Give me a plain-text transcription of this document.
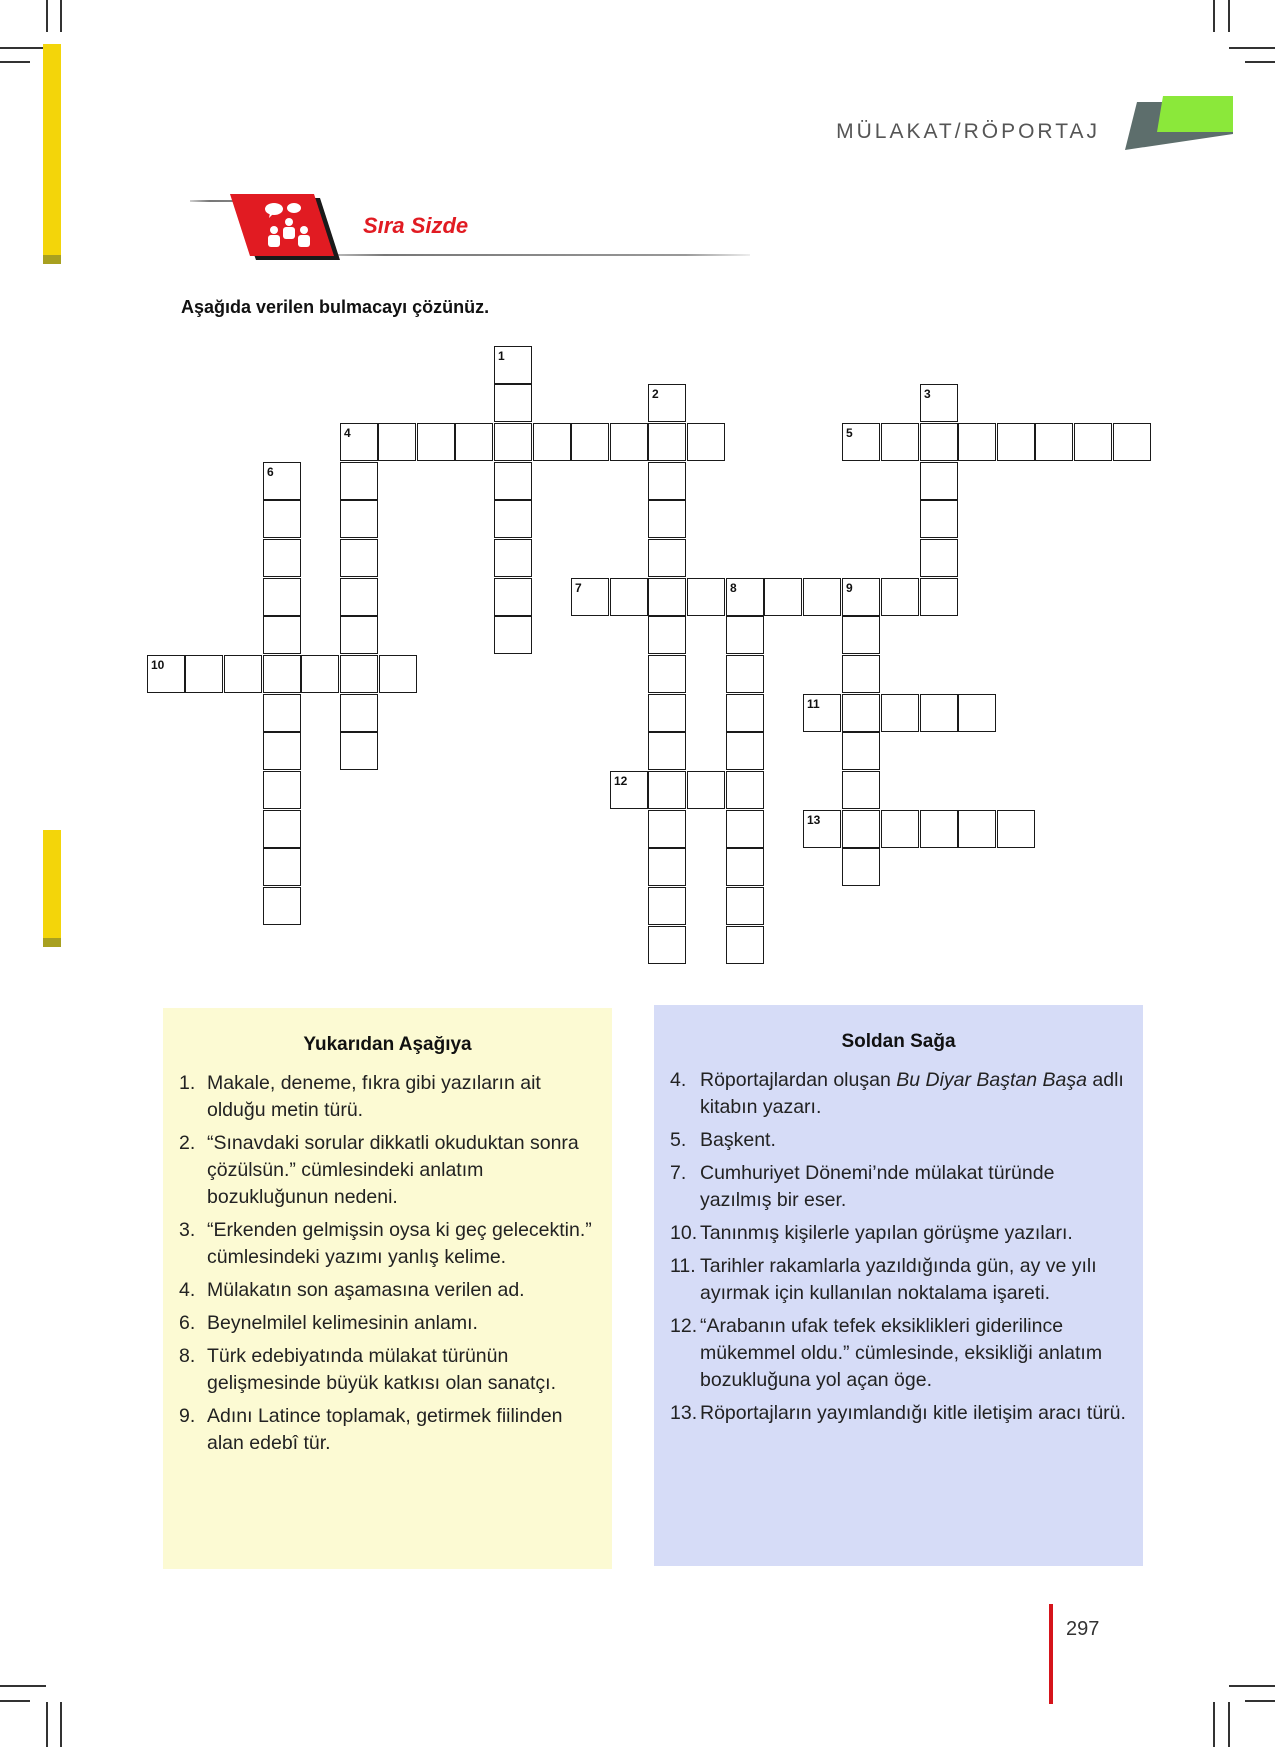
MÜLAKAT/RÖPORTAJ
Sıra Sizde
Aşağıda verilen bulmacayı çözünüz.
1
2	3
4	5
6
7	8	9
10
11
12
13
Yukarıdan Aşağıya
1. Makale, deneme, fıkra gibi yazıların ait olduğu metin türü.
2. “Sınavdaki sorular dikkatli okuduktan sonra çözülsün.” cümlesindeki anlatım bozukluğunun nedeni.
3. “Erkenden gelmişsin oysa ki geç gelecektin.” cümlesindeki yazımı yanlış kelime.
4. Mülakatın son aşamasına verilen ad.
6. Beynelmilel kelimesinin anlamı.
8. Türk edebiyatında mülakat türünün gelişmesinde büyük katkısı olan sanatçı.
9. Adını Latince toplamak, getirmek fiilinden alan edebî tür.
Soldan Sağa
4. Röportajlardan oluşan Bu Diyar Baştan Başa adlı kitabın yazarı.
5. Başkent.
7. Cumhuriyet Dönemi’nde mülakat türünde yazılmış bir eser.
10. Tanınmış kişilerle yapılan görüşme yazıları.
11. Tarihler rakamlarla yazıldığında gün, ay ve yılı ayırmak için kullanılan noktalama işareti.
12. “Arabanın ufak tefek eksiklikleri giderilince mükemmel oldu.” cümlesinde, eksikliği anlatım bozukluğuna yol açan öge.
13. Röportajların yayımlandığı kitle iletişim aracı türü.
297
